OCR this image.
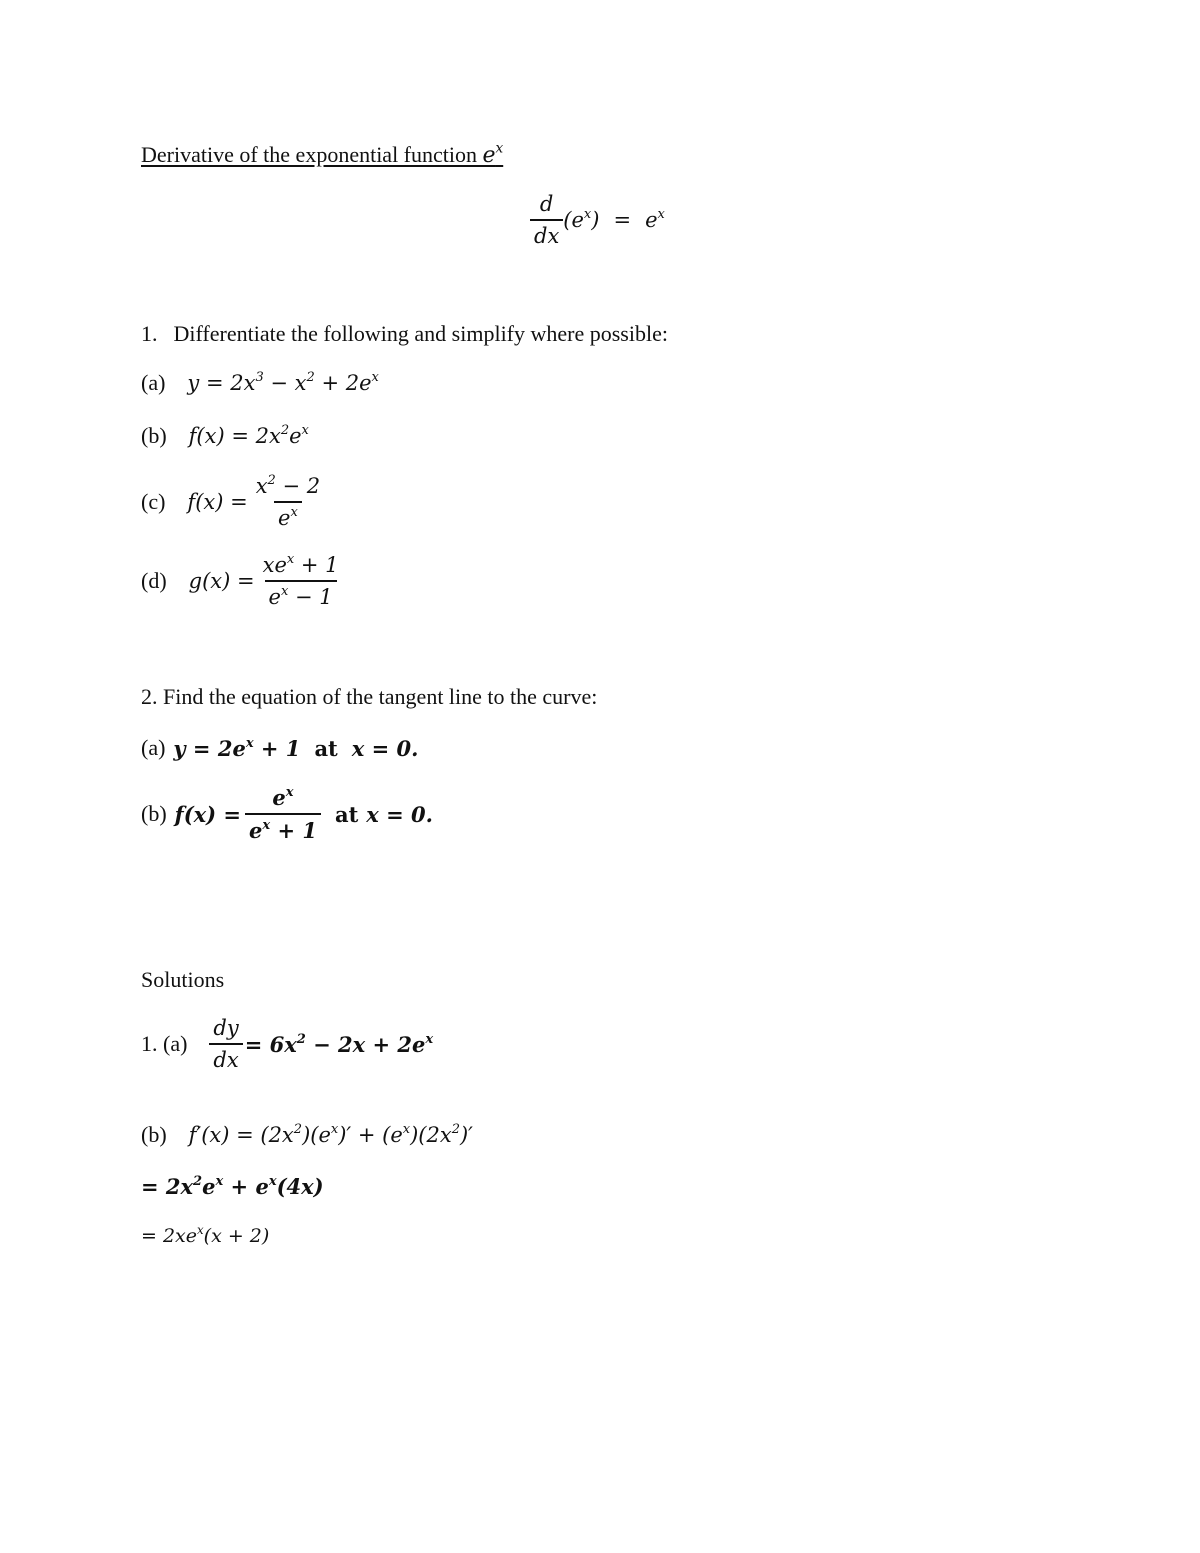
Derivative of the exponential function $e^x$
$\frac{d}{dx} (e^x) = e^x$
1. Differentiate the following and simplify where possible:
(a) $y = 2x^3 - x^2 + 2e^x$
(b) $f(x) = 2x^2e^x$
(c) $f(x) = \frac{x^2 - 2}{e^x}$
(d) $g(x) = \frac{xe^x + 1}{e^x - 1}$
2. Find the equation of the tangent line to the curve:
(a) $y = 2e^x + 1$ at x = 0.
(b) $f(x) = \frac{e^x}{e^x + 1}$ at x = 0.
Solutions
1. $(a) \frac{dy}{dx} = 6x^2 - 2x + 2e^x$
(b) $f'(x) = (2x^2)(e^x)' + (e^x)(2x^2)'$
= $2x^2e^x + e^x(4x)$
= $2xe^x(x + 2)$
